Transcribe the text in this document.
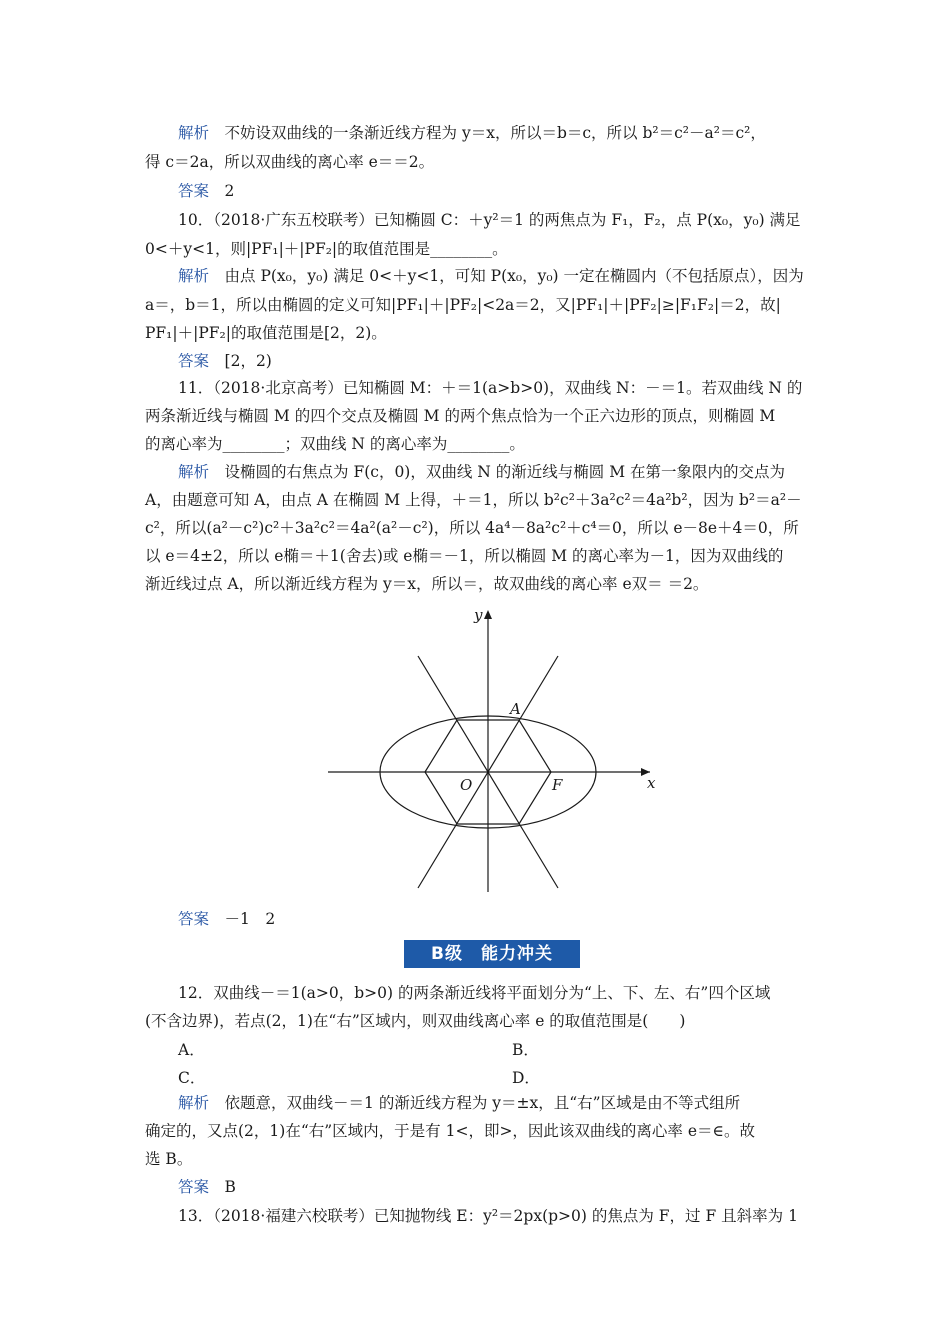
解析　 不妨设双曲线的一条渐近线方程为 y＝x，所以＝b＝c，所以 b²＝c²－a²＝c²，
得 c＝2a，所以双曲线的离心率 e＝＝2。
答案　 2
10．（2018·广东五校联考）已知椭圆 C：＋y²＝1 的两焦点为 F₁，F₂，点 P(x₀，y₀) 满足
0<＋y<1，则|PF₁|＋|PF₂|的取值范围是________。
解析　 由点 P(x₀，y₀) 满足 0<＋y<1，可知 P(x₀，y₀) 一定在椭圆内（不包括原点），因为
a＝，b＝1，所以由椭圆的定义可知|PF₁|＋|PF₂|<2a＝2，又|PF₁|＋|PF₂|≥|F₁F₂|＝2，故|
PF₁|＋|PF₂|的取值范围是[2，2)。
答案　 [2，2)
11．（2018·北京高考）已知椭圆 M：＋＝1(a>b>0)，双曲线 N：－＝1。若双曲线 N 的
两条渐近线与椭圆 M 的四个交点及椭圆 M 的两个焦点恰为一个正六边形的顶点，则椭圆 M
的离心率为________；双曲线 N 的离心率为________。
解析　 设椭圆的右焦点为 F(c，0)，双曲线 N 的渐近线与椭圆 M 在第一象限内的交点为
A，由题意可知 A，由点 A 在椭圆 M 上得，＋＝1，所以 b²c²＋3a²c²＝4a²b²，因为 b²＝a²－
c²，所以(a²－c²)c²＋3a²c²＝4a²(a²－c²)，所以 4a⁴－8a²c²＋c⁴＝0，所以 e－8e＋4＝0，所
以 e＝4±2，所以 e椭＝＋1(舍去)或 e椭＝－1，所以椭圆 M 的离心率为－1，因为双曲线的
渐近线过点 A，所以渐近线方程为 y＝x，所以＝，故双曲线的离心率 e双＝ ＝2。
y
x
O
A
F
答案　 －1　2
B级　能力冲关
12．双曲线－＝1(a>0，b>0) 的两条渐近线将平面划分为“上、下、左、右”四个区域
(不含边界)，若点(2，1)在“右”区域内，则双曲线离心率 e 的取值范围是(　　)
A．	B．
C．	D．
解析　 依题意，双曲线－＝1 的渐近线方程为 y＝±x，且“右”区域是由不等式组所
确定的，又点(2，1)在“右”区域内，于是有 1<，即>，因此该双曲线的离心率 e＝∈。故
选 B。
答案　 B
13．（2018·福建六校联考）已知抛物线 E：y²＝2px(p>0) 的焦点为 F，过 F 且斜率为 1
